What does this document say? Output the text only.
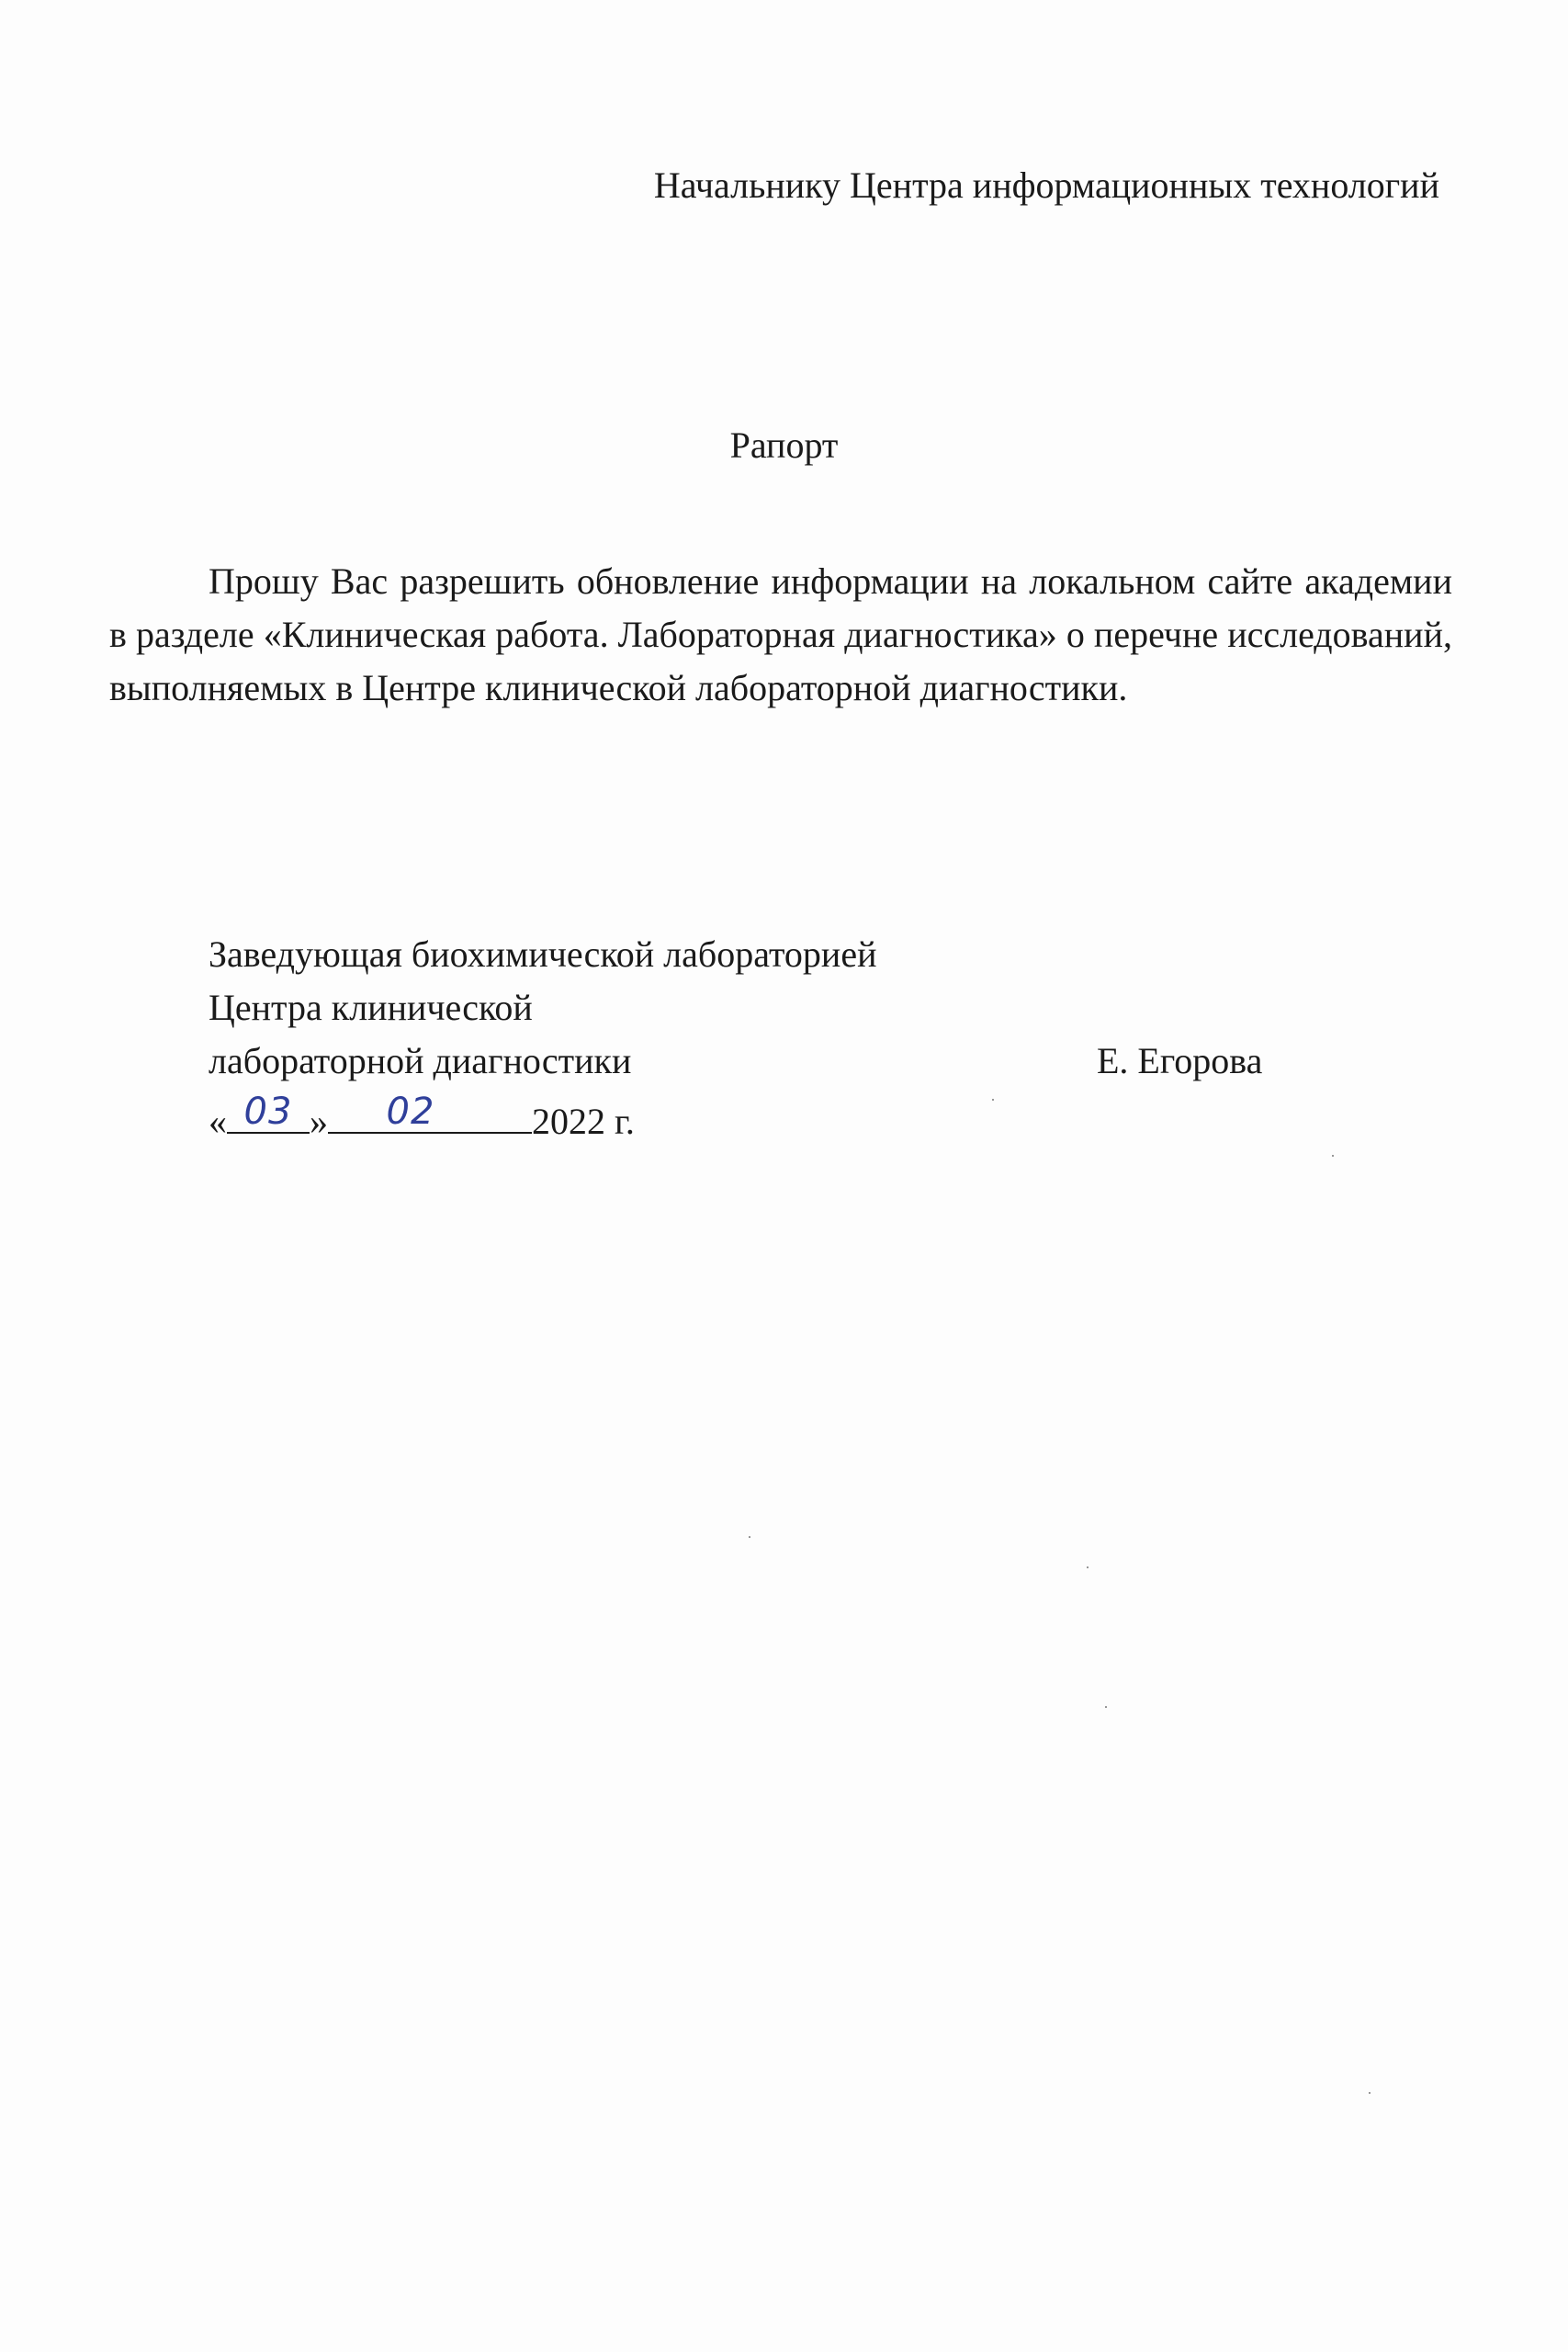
Начальнику Центра информационных технологий
Рапорт
Прошу Вас разрешить обновление информации на локальном сайте академии в разделе «Клиническая работа. Лабораторная диагностика» о перечне исследований, выполняемых в Центре клинической лабораторной диагностики.
Заведующая биохимической лабораторией
Центра клинической
лабораторной диагностики	Е. Егорова
« 03 »	02	2022 г.
